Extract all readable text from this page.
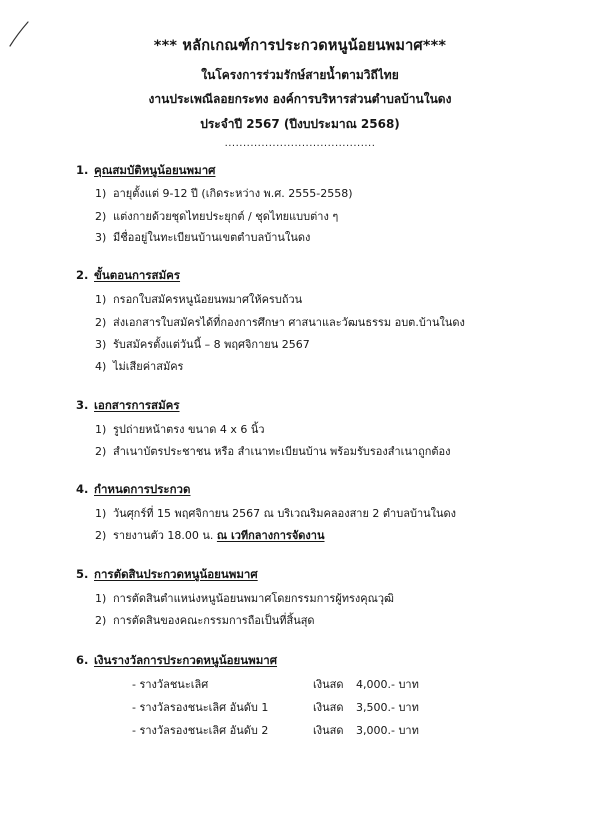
*** หลักเกณฑ์การประกวดหนูน้อยนพมาศ***
ในโครงการร่วมรักษ์สายน้ำตามวิถีไทย
งานประเพณีลอยกระทง องค์การบริหารส่วนตำบลบ้านในดง
ประจำปี 2567 (ปีงบประมาณ 2568)
.........................................
1. คุณสมบัติหนูน้อยนพมาศ
1) อายุตั้งแต่ 9-12 ปี (เกิดระหว่าง พ.ศ. 2555-2558)
2) แต่งกายด้วยชุดไทยประยุกต์ / ชุดไทยแบบต่าง ๆ
3) มีชื่ออยู่ในทะเบียนบ้านเขตตำบลบ้านในดง
2. ขั้นตอนการสมัคร
1) กรอกใบสมัครหนูน้อยนพมาศให้ครบถ้วน
2) ส่งเอกสารใบสมัครได้ที่กองการศึกษา ศาสนาและวัฒนธรรม อบต.บ้านในดง
3) รับสมัครตั้งแต่วันนี้ – 8 พฤศจิกายน 2567
4) ไม่เสียค่าสมัคร
3. เอกสารการสมัคร
1) รูปถ่ายหน้าตรง ขนาด 4 x 6 นิ้ว
2) สำเนาบัตรประชาชน หรือ สำเนาทะเบียนบ้าน พร้อมรับรองสำเนาถูกต้อง
4. กำหนดการประกวด
1) วันศุกร์ที่ 15 พฤศจิกายน 2567 ณ บริเวณริมคลองสาย 2 ตำบลบ้านในดง
2) รายงานตัว 18.00 น. ณ เวทีกลางการจัดงาน
5. การตัดสินประกวดหนูน้อยนพมาศ
1) การตัดสินตำแหน่งหนูน้อยนพมาศโดยกรรมการผู้ทรงคุณวุฒิ
2) การตัดสินของคณะกรรมการถือเป็นที่สิ้นสุด
6. เงินรางวัลการประกวดหนูน้อยนพมาศ
- รางวัลชนะเลิศ	เงินสด 4,000.- บาท
- รางวัลรองชนะเลิศ อันดับ 1	เงินสด 3,500.- บาท
- รางวัลรองชนะเลิศ อันดับ 2	เงินสด 3,000.- บาท
